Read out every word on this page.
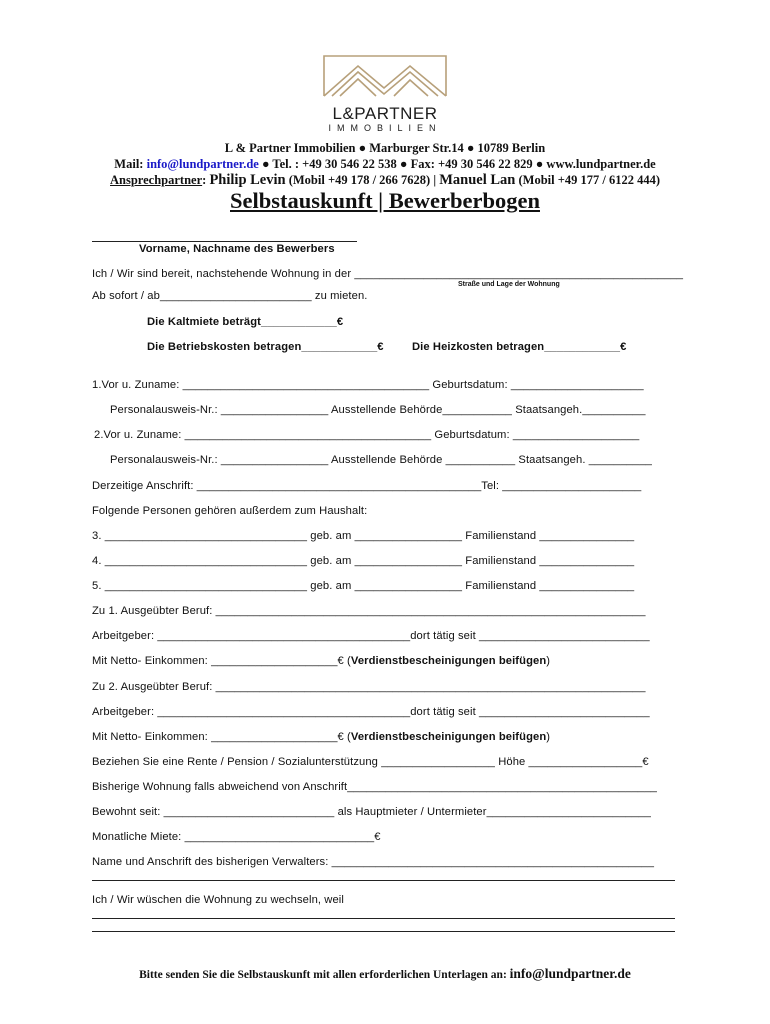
L&PARTNER
IMMOBILIEN
L & Partner Immobilien ● Marburger Str.14 ● 10789 Berlin
Mail: info@lundpartner.de ● Tel. : +49 30 546 22 538 ● Fax: +49 30 546 22 829 ● www.lundpartner.de
Ansprechpartner: Philip Levin (Mobil +49 178 / 266 7628) | Manuel Lan (Mobil +49 177 / 6122 444)
Selbstauskunft | Bewerberbogen
Vorname, Nachname des Bewerbers
Ich / Wir sind bereit, nachstehende Wohnung in der ____________________________________________________
Straße und Lage der Wohnung
Ab sofort / ab________________________ zu mieten.
Die Kaltmiete beträgt____________€
Die Betriebskosten betragen____________€	Die Heizkosten betragen____________€
1.Vor u. Zuname: _______________________________________ Geburtsdatum: _____________________
Personalausweis-Nr.: _________________ Ausstellende Behörde___________ Staatsangeh.__________
2.Vor u. Zuname: _______________________________________ Geburtsdatum: ____________________
Personalausweis-Nr.: _________________ Ausstellende Behörde ___________ Staatsangeh. __________
Derzeitige Anschrift: _____________________________________________Tel: ______________________
Folgende Personen gehören außerdem zum Haushalt:
3. ________________________________ geb. am _________________ Familienstand _______________
4. ________________________________ geb. am _________________ Familienstand _______________
5. ________________________________ geb. am _________________ Familienstand _______________
Zu 1. Ausgeübter Beruf: ____________________________________________________________________
Arbeitgeber: ________________________________________dort tätig seit ___________________________
Mit Netto- Einkommen: ____________________€ (Verdienstbescheinigungen beifügen)
Zu 2. Ausgeübter Beruf: ____________________________________________________________________
Arbeitgeber: ________________________________________dort tätig seit ___________________________
Mit Netto- Einkommen: ____________________€ (Verdienstbescheinigungen beifügen)
Beziehen Sie eine Rente / Pension / Sozialunterstützung __________________ Höhe __________________€
Bisherige Wohnung falls abweichend von Anschrift_________________________________________________
Bewohnt seit: ___________________________ als Hauptmieter / Untermieter__________________________
Monatliche Miete: ______________________________€
Name und Anschrift des bisherigen Verwalters: ___________________________________________________
Ich / Wir wüschen die Wohnung zu wechseln, weil
Bitte senden Sie die Selbstauskunft mit allen erforderlichen Unterlagen an: info@lundpartner.de
